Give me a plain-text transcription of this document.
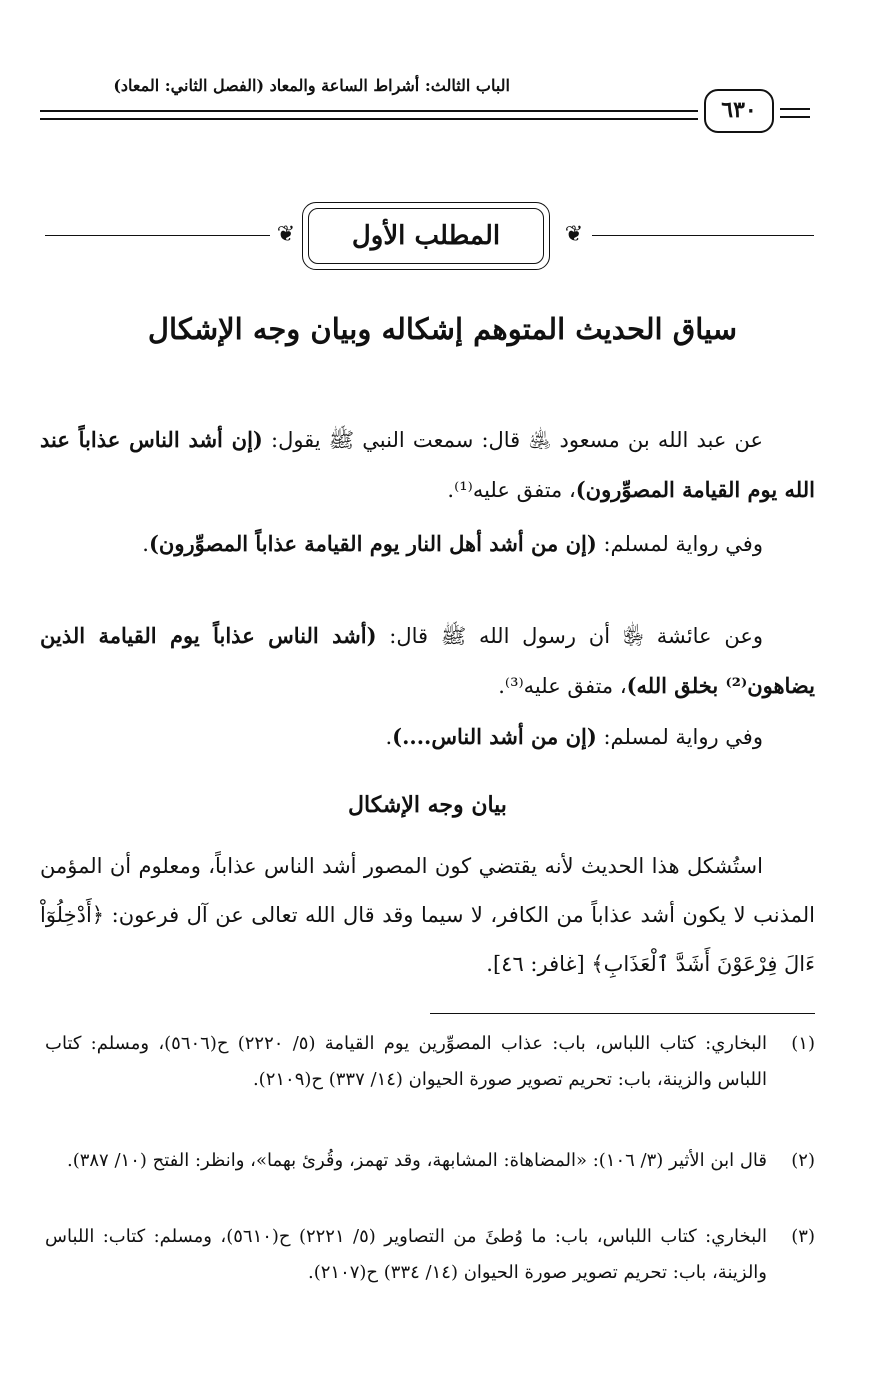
الباب الثالث: أشراط الساعة والمعاد (الفصل الثاني: المعاد)
٦٣٠
❦	❦
المطلب الأول
سياق الحديث المتوهم إشكاله وبيان وجه الإشكال
عن عبد الله بن مسعود ﵁ قال: سمعت النبي ﷺ يقول: (إن أشد الناس عذاباً عند الله يوم القيامة المصوِّرون)، متفق عليه⁽¹⁾.
وفي رواية لمسلم: (إن من أشد أهل النار يوم القيامة عذاباً المصوِّرون).
وعن عائشة ﵂ أن رسول الله ﷺ قال: (أشد الناس عذاباً يوم القيامة الذين يضاهون⁽²⁾ بخلق الله)، متفق عليه⁽³⁾.
وفي رواية لمسلم: (إن من أشد الناس....).
بيان وجه الإشكال
استُشكل هذا الحديث لأنه يقتضي كون المصور أشد الناس عذاباً، ومعلوم أن المؤمن المذنب لا يكون أشد عذاباً من الكافر، لا سيما وقد قال الله تعالى عن آل فرعون: ﴿أَدْخِلُوٓاْ ءَالَ فِرْعَوْنَ أَشَدَّ ٱلْعَذَابِ﴾ [غافر: ٤٦].
(١)
البخاري: كتاب اللباس، باب: عذاب المصوِّرين يوم القيامة (٥/ ٢٢٢٠) ح(٥٦٠٦)، ومسلم: كتاب اللباس والزينة، باب: تحريم تصوير صورة الحيوان (١٤/ ٣٣٧) ح(٢١٠٩).
(٢)
قال ابن الأثير (٣/ ١٠٦): «المضاهاة: المشابهة، وقد تهمز، وقُرئ بهما»، وانظر: الفتح (١٠/ ٣٨٧).
(٣)
البخاري: كتاب اللباس، باب: ما وُطئَ من التصاوير (٥/ ٢٢٢١) ح(٥٦١٠)، ومسلم: كتاب: اللباس والزينة، باب: تحريم تصوير صورة الحيوان (١٤/ ٣٣٤) ح(٢١٠٧).
